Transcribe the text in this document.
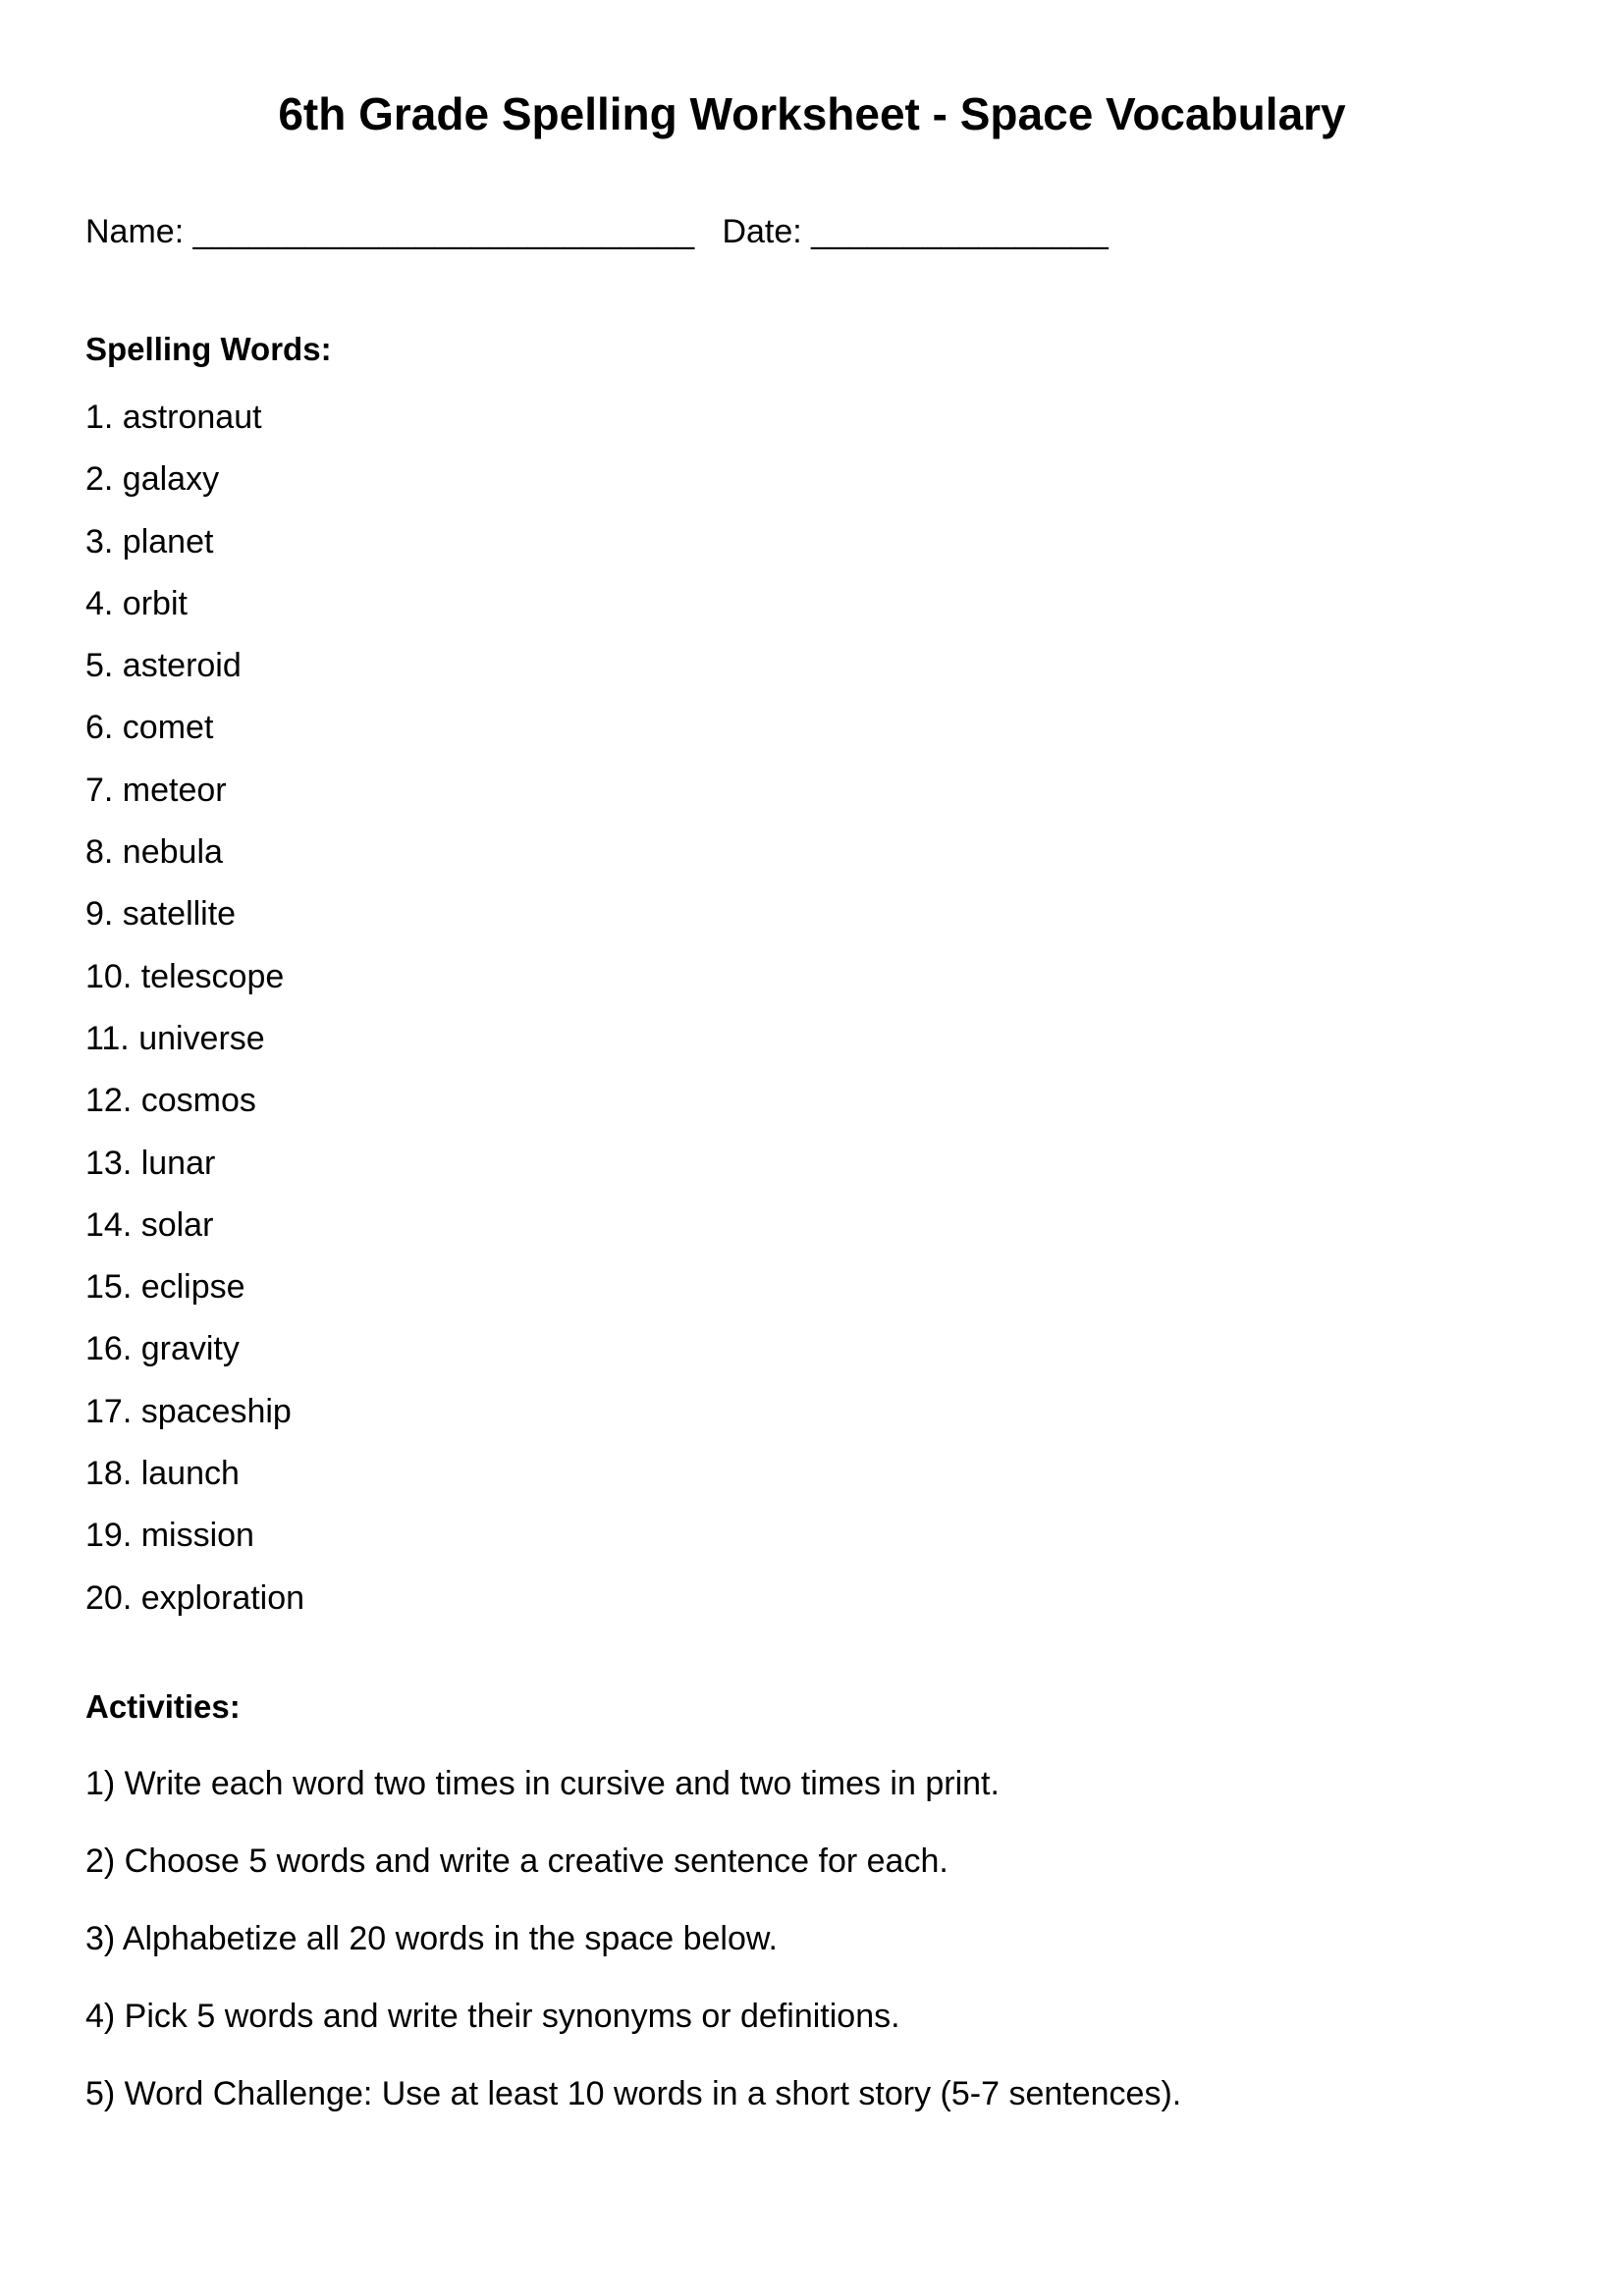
6th Grade Spelling Worksheet - Space Vocabulary
Name: ___________________________   Date: ________________
Spelling Words:
1. astronaut
2. galaxy
3. planet
4. orbit
5. asteroid
6. comet
7. meteor
8. nebula
9. satellite
10. telescope
11. universe
12. cosmos
13. lunar
14. solar
15. eclipse
16. gravity
17. spaceship
18. launch
19. mission
20. exploration
Activities:
1) Write each word two times in cursive and two times in print.
2) Choose 5 words and write a creative sentence for each.
3) Alphabetize all 20 words in the space below.
4) Pick 5 words and write their synonyms or definitions.
5) Word Challenge: Use at least 10 words in a short story (5-7 sentences).
